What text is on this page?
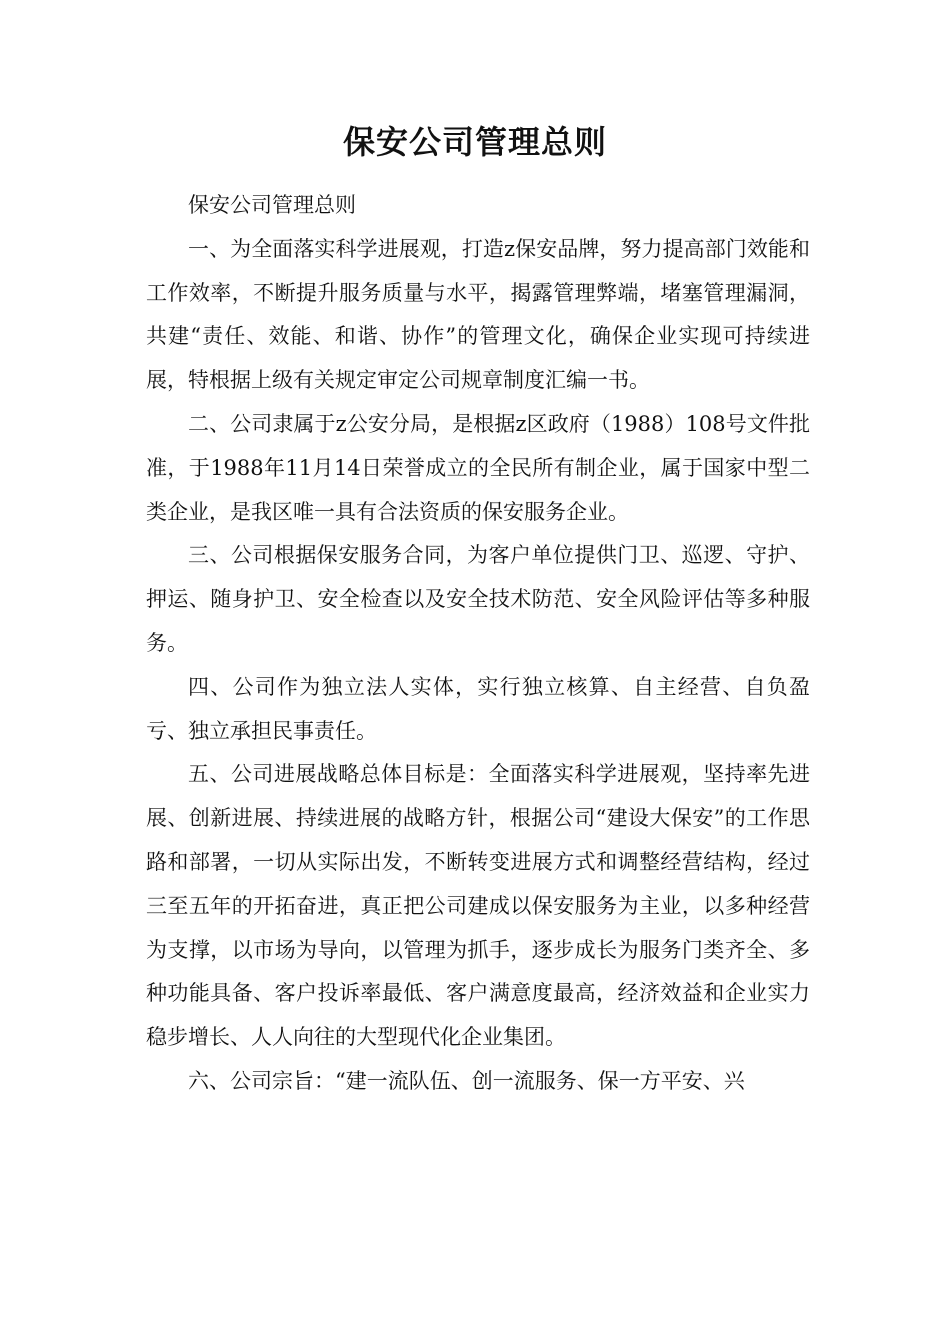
保安公司管理总则

保安公司管理总则

一、为全面落实科学进展观，打造z保安品牌，努力提高部门效能和工作效率，不断提升服务质量与水平，揭露管理弊端，堵塞管理漏洞，共建“责任、效能、和谐、协作”的管理文化，确保企业实现可持续进展，特根据上级有关规定审定公司规章制度汇编一书。

二、公司隶属于z公安分局，是根据z区政府（1988）108号文件批准，于1988年11月14日荣誉成立的全民所有制企业，属于国家中型二类企业，是我区唯一具有合法资质的保安服务企业。

三、公司根据保安服务合同，为客户单位提供门卫、巡逻、守护、押运、随身护卫、安全检查以及安全技术防范、安全风险评估等多种服务。

四、公司作为独立法人实体，实行独立核算、自主经营、自负盈亏、独立承担民事责任。

五、公司进展战略总体目标是：全面落实科学进展观，坚持率先进展、创新进展、持续进展的战略方针，根据公司“建设大保安”的工作思路和部署，一切从实际出发，不断转变进展方式和调整经营结构，经过三至五年的开拓奋进，真正把公司建成以保安服务为主业，以多种经营为支撑，以市场为导向，以管理为抓手，逐步成长为服务门类齐全、多种功能具备、客户投诉率最低、客户满意度最高，经济效益和企业实力稳步增长、人人向往的大型现代化企业集团。

六、公司宗旨：“建一流队伍、创一流服务、保一方平安、兴
